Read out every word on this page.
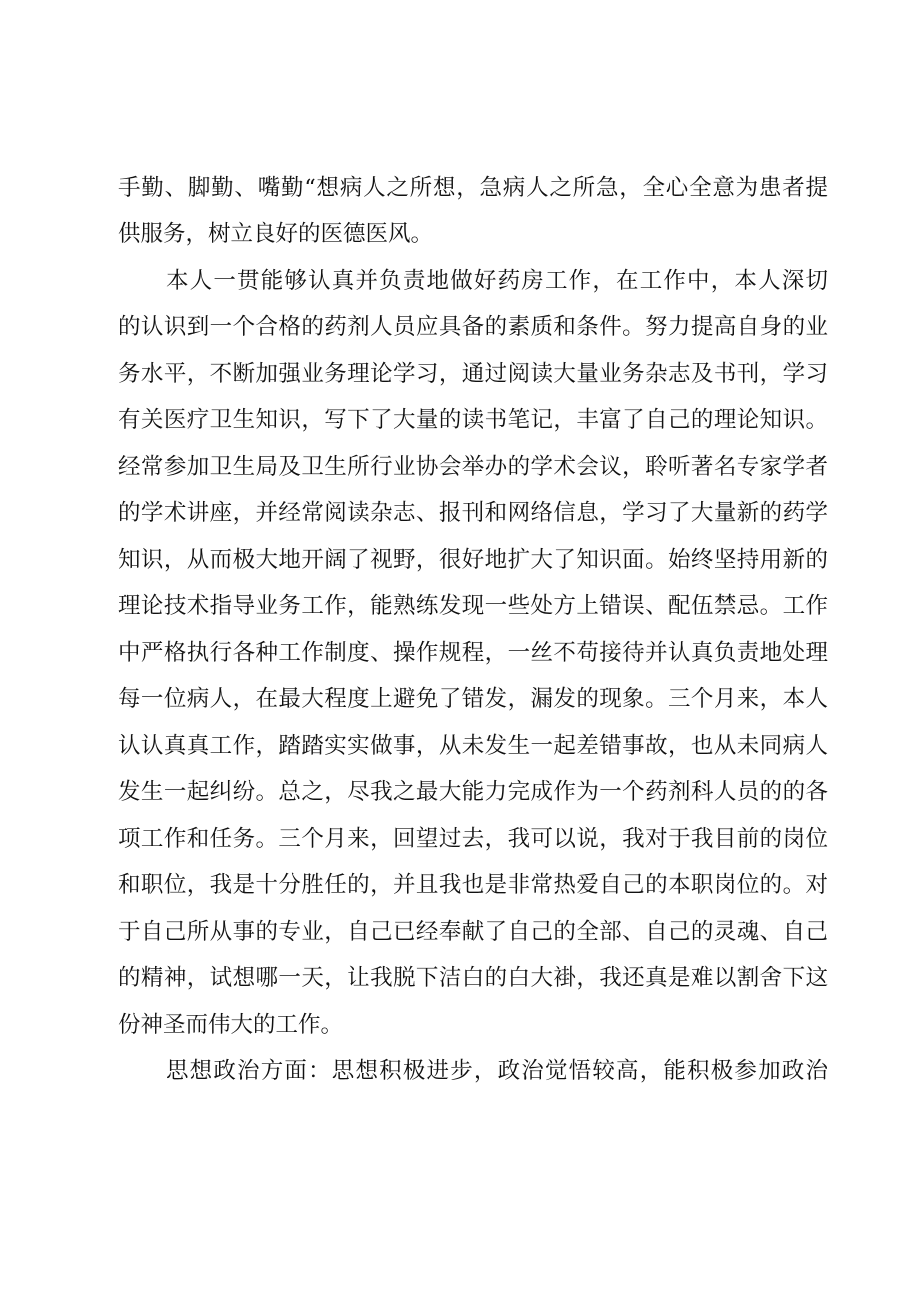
手勤、脚勤、嘴勤“想病人之所想，急病人之所急，全心全意为患者提
供服务，树立良好的医德医风。
本人一贯能够认真并负责地做好药房工作，在工作中，本人深切
的认识到一个合格的药剂人员应具备的素质和条件。努力提高自身的业
务水平，不断加强业务理论学习，通过阅读大量业务杂志及书刊，学习
有关医疗卫生知识，写下了大量的读书笔记，丰富了自己的理论知识。
经常参加卫生局及卫生所行业协会举办的学术会议，聆听著名专家学者
的学术讲座，并经常阅读杂志、报刊和网络信息，学习了大量新的药学
知识，从而极大地开阔了视野，很好地扩大了知识面。始终坚持用新的
理论技术指导业务工作，能熟练发现一些处方上错误、配伍禁忌。工作
中严格执行各种工作制度、操作规程，一丝不苟接待并认真负责地处理
每一位病人，在最大程度上避免了错发，漏发的现象。三个月来，本人
认认真真工作，踏踏实实做事，从未发生一起差错事故，也从未同病人
发生一起纠纷。总之，尽我之最大能力完成作为一个药剂科人员的的各
项工作和任务。三个月来，回望过去，我可以说，我对于我目前的岗位
和职位，我是十分胜任的，并且我也是非常热爱自己的本职岗位的。对
于自己所从事的专业，自己已经奉献了自己的全部、自己的灵魂、自己
的精神，试想哪一天，让我脱下洁白的白大褂，我还真是难以割舍下这
份神圣而伟大的工作。
思想政治方面：思想积极进步，政治觉悟较高，能积极参加政治
